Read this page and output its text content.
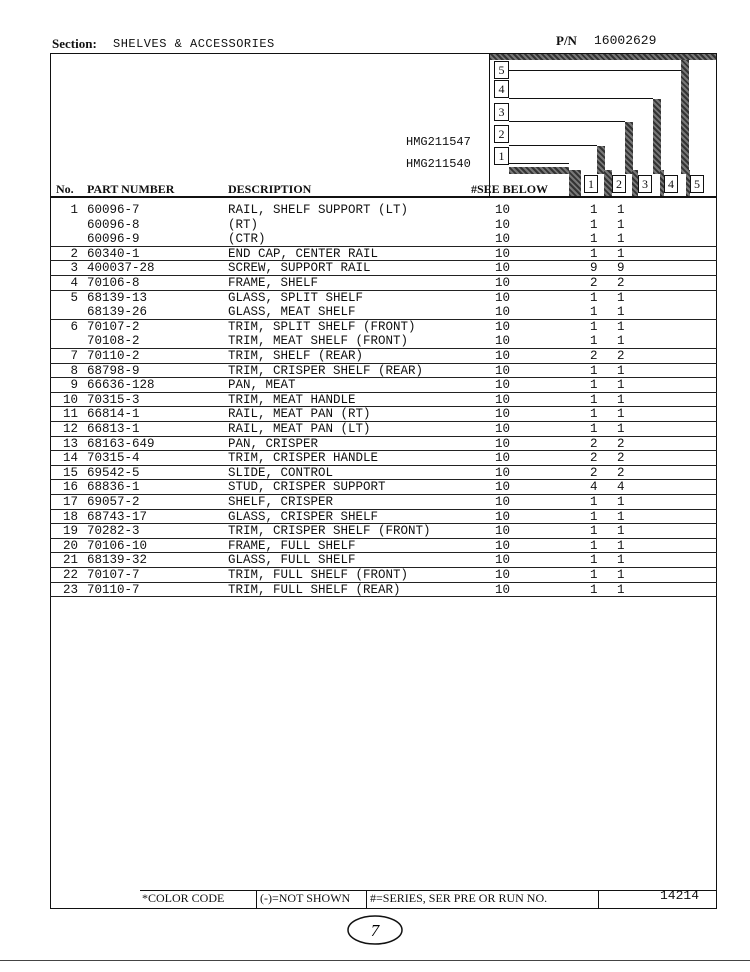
Section: SHELVES & ACCESSORIES	P/N 16002629
5
4
3
2
1
1	2	3	4	5
HMG211547
HMG211540
No. PART NUMBER	DESCRIPTION	#SEE BELOW
1 60096-7	RAIL, SHELF SUPPORT (LT)	10	1 1
60096-8	(RT)	10	1 1
60096-9	(CTR)	10	1 1
2 60340-1	END CAP, CENTER RAIL	10	1 1
3 400037-28	SCREW, SUPPORT RAIL	10	9 9
4 70106-8	FRAME, SHELF	10	2 2
5 68139-13	GLASS, SPLIT SHELF	10	1 1
68139-26	GLASS, MEAT SHELF	10	1 1
6 70107-2	TRIM, SPLIT SHELF (FRONT)	10	1 1
70108-2	TRIM, MEAT SHELF (FRONT)	10	1 1
7 70110-2	TRIM, SHELF (REAR)	10	2 2
8 68798-9	TRIM, CRISPER SHELF (REAR)	10	1 1
9 66636-128	PAN, MEAT	10	1 1
10 70315-3	TRIM, MEAT HANDLE	10	1 1
11 66814-1	RAIL, MEAT PAN (RT)	10	1 1
12 66813-1	RAIL, MEAT PAN (LT)	10	1 1
13 68163-649	PAN, CRISPER	10	2 2
14 70315-4	TRIM, CRISPER HANDLE	10	2 2
15 69542-5	SLIDE, CONTROL	10	2 2
16 68836-1	STUD, CRISPER SUPPORT	10	4 4
17 69057-2	SHELF, CRISPER	10	1 1
18 68743-17	GLASS, CRISPER SHELF	10	1 1
19 70282-3	TRIM, CRISPER SHELF (FRONT)	10	1 1
20 70106-10	FRAME, FULL SHELF	10	1 1
21 68139-32	GLASS, FULL SHELF	10	1 1
22 70107-7	TRIM, FULL SHELF (FRONT)	10	1 1
23 70110-7	TRIM, FULL SHELF (REAR)	10	1 1
*COLOR CODE	(-)=NOT SHOWN #=SERIES, SER PRE OR RUN NO.	14214
7
